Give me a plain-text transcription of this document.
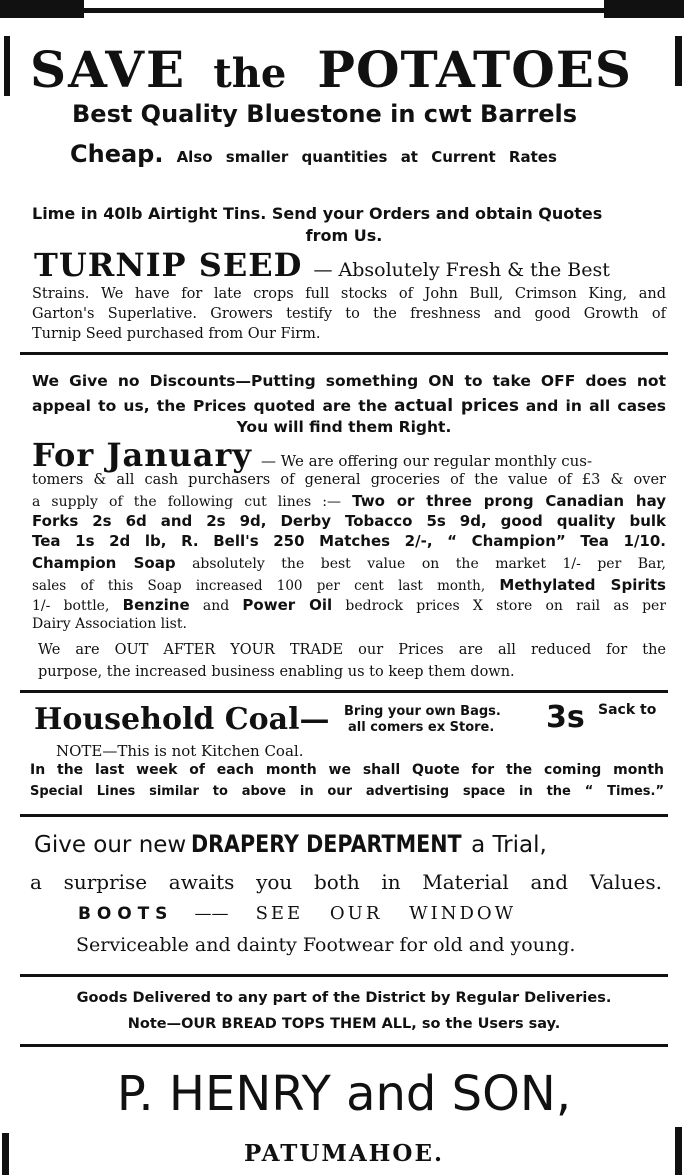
SAVE the POTATOES
Best Quality Bluestone in cwt Barrels
Cheap. Also smaller quantities at Current Rates
Lime in 40lb Airtight Tins. Send your Orders and obtain Quotes
from Us.
TURNIP SEED — Absolutely Fresh & the Best
Strains. We have for late crops full stocks of John Bull, Crimson King, and
Garton's Superlative. Growers testify to the freshness and good Growth of
Turnip Seed purchased from Our Firm.
We Give no Discounts—Putting something ON to take OFF does not
appeal to us, the Prices quoted are the actual prices and in all cases
You will find them Right.
For January — We are offering our regular monthly cus-
tomers & all cash purchasers of general groceries of the value of £3 & over
a supply of the following cut lines :— Two or three prong Canadian hay
Forks 2s 6d and 2s 9d, Derby Tobacco 5s 9d, good quality bulk
Tea 1s 2d lb, R. Bell's 250 Matches 2/-, “ Champion” Tea 1/10.
Champion Soap absolutely the best value on the market 1/- per Bar,
sales of this Soap increased 100 per cent last month, Methylated Spirits
1/- bottle, Benzine and Power Oil bedrock prices X store on rail as per
Dairy Association list.
We are OUT AFTER YOUR TRADE our Prices are all reduced for the
purpose, the increased business enabling us to keep them down.
Household Coal—	Bring your own Bags.
all comers ex Store. 3s Sack to
NOTE—This is not Kitchen Coal.
In the last week of each month we shall Quote for the coming month
Special Lines similar to above in our advertising space in the “ Times.”
Give our new DRAPERY DEPARTMENT a Trial,
a surprise awaits you both in Material and Values.
B O O T S —— SEE OUR WINDOW
Serviceable and dainty Footwear for old and young.
Goods Delivered to any part of the District by Regular Deliveries.
Note—OUR BREAD TOPS THEM ALL, so the Users say.
P. HENRY and SON,
PATUMAHOE.
